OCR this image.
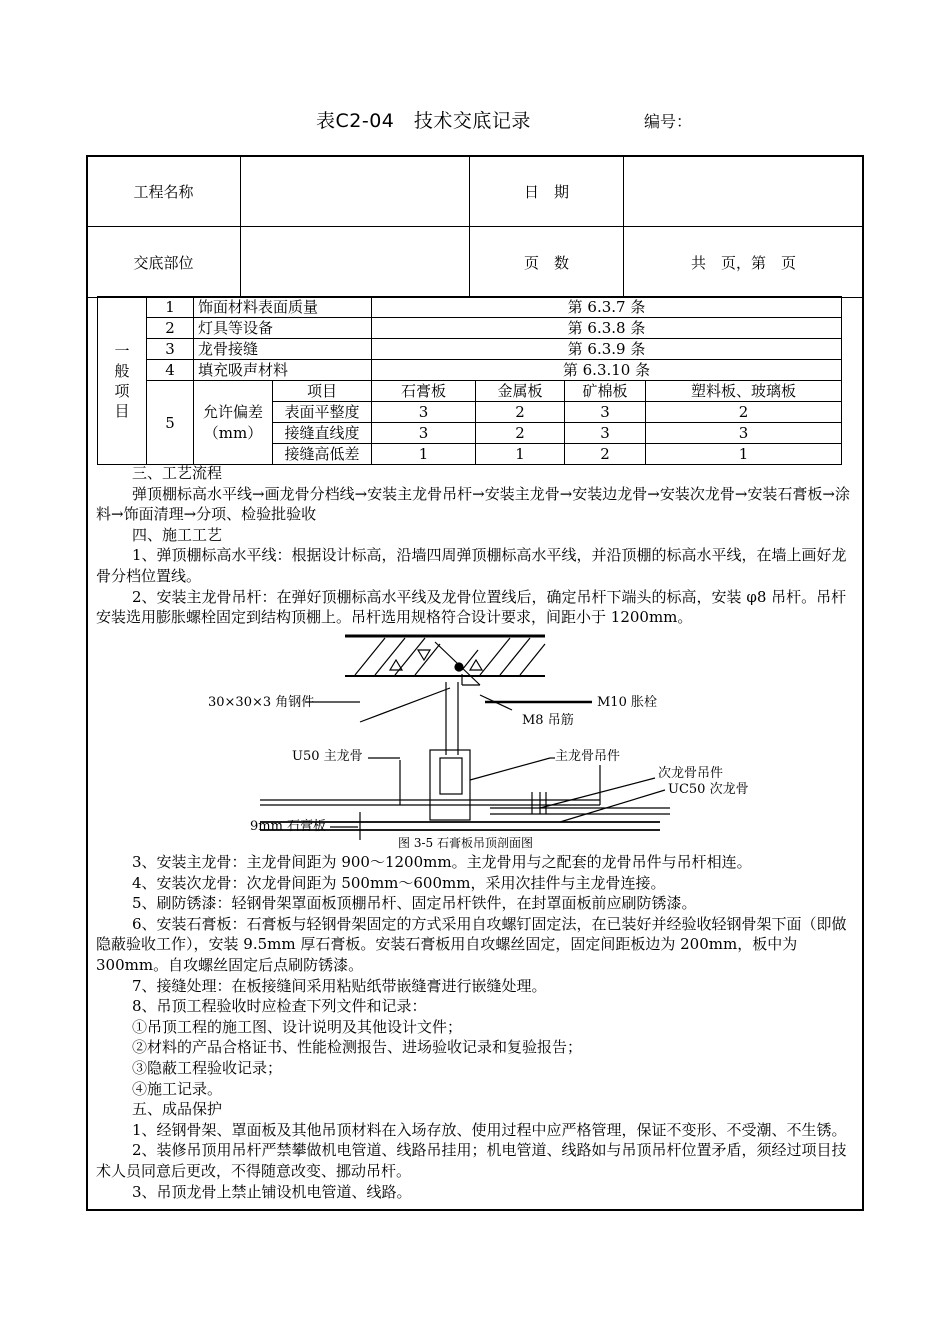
表C2-04　技术交底记录	编号：
工程名称		日　期	
交底部位		页　数	共　页，第　页
一般项目	1	饰面材料表面质量		第 6.3.7 条			
	2	灯具等设备		第 6.3.8 条			
	3	龙骨接缝		第 6.3.9 条			
	4	填充吸声材料		第 6.3.10 条			
	5	允许偏差（mm）	项目	石膏板	金属板	矿棉板	塑料板、玻璃板
			表面平整度	3	2	3	2
			接缝直线度	3	2	3	3
			接缝高低差	1	1	2	1

三、工艺流程

弹顶棚标高水平线→画龙骨分档线→安装主龙骨吊杆→安装主龙骨→安装边龙骨→安装次龙骨→安装石膏板→涂料→饰面清理→分项、检验批验收

四、施工工艺

1、弹顶棚标高水平线：根据设计标高，沿墙四周弹顶棚标高水平线，并沿顶棚的标高水平线，在墙上画好龙骨分档位置线。

2、安装主龙骨吊杆：在弹好顶棚标高水平线及龙骨位置线后，确定吊杆下端头的标高，安装 φ8 吊杆。吊杆安装选用膨胀螺栓固定到结构顶棚上。吊杆选用规格符合设计要求，间距小于 1200mm。

30×30×3 角钢件	M10 胀栓
M8 吊筋
U50 主龙骨	主龙骨吊件
次龙骨吊件
UC50 次龙骨
9mm 石膏板
图 3-5 石膏板吊顶剖面图

3、安装主龙骨：主龙骨间距为 900～1200mm。主龙骨用与之配套的龙骨吊件与吊杆相连。

4、安装次龙骨：次龙骨间距为 500mm～600mm，采用次挂件与主龙骨连接。

5、刷防锈漆：轻钢骨架罩面板顶棚吊杆、固定吊杆铁件，在封罩面板前应刷防锈漆。

6、安装石膏板：石膏板与轻钢骨架固定的方式采用自攻螺钉固定法，在已装好并经验收轻钢骨架下面（即做隐蔽验收工作），安装 9.5mm 厚石膏板。安装石膏板用自攻螺丝固定，固定间距板边为 200mm，板中为 300mm。自攻螺丝固定后点刷防锈漆。

7、接缝处理：在板接缝间采用粘贴纸带嵌缝膏进行嵌缝处理。

8、吊顶工程验收时应检查下列文件和记录：

①吊顶工程的施工图、设计说明及其他设计文件；

②材料的产品合格证书、性能检测报告、进场验收记录和复验报告；

③隐蔽工程验收记录；

④施工记录。

五、成品保护

1、经钢骨架、罩面板及其他吊顶材料在入场存放、使用过程中应严格管理，保证不变形、不受潮、不生锈。

2、装修吊顶用吊杆严禁攀做机电管道、线路吊挂用；机电管道、线路如与吊顶吊杆位置矛盾，须经过项目技术人员同意后更改，不得随意改变、挪动吊杆。

3、吊顶龙骨上禁止铺设机电管道、线路。
